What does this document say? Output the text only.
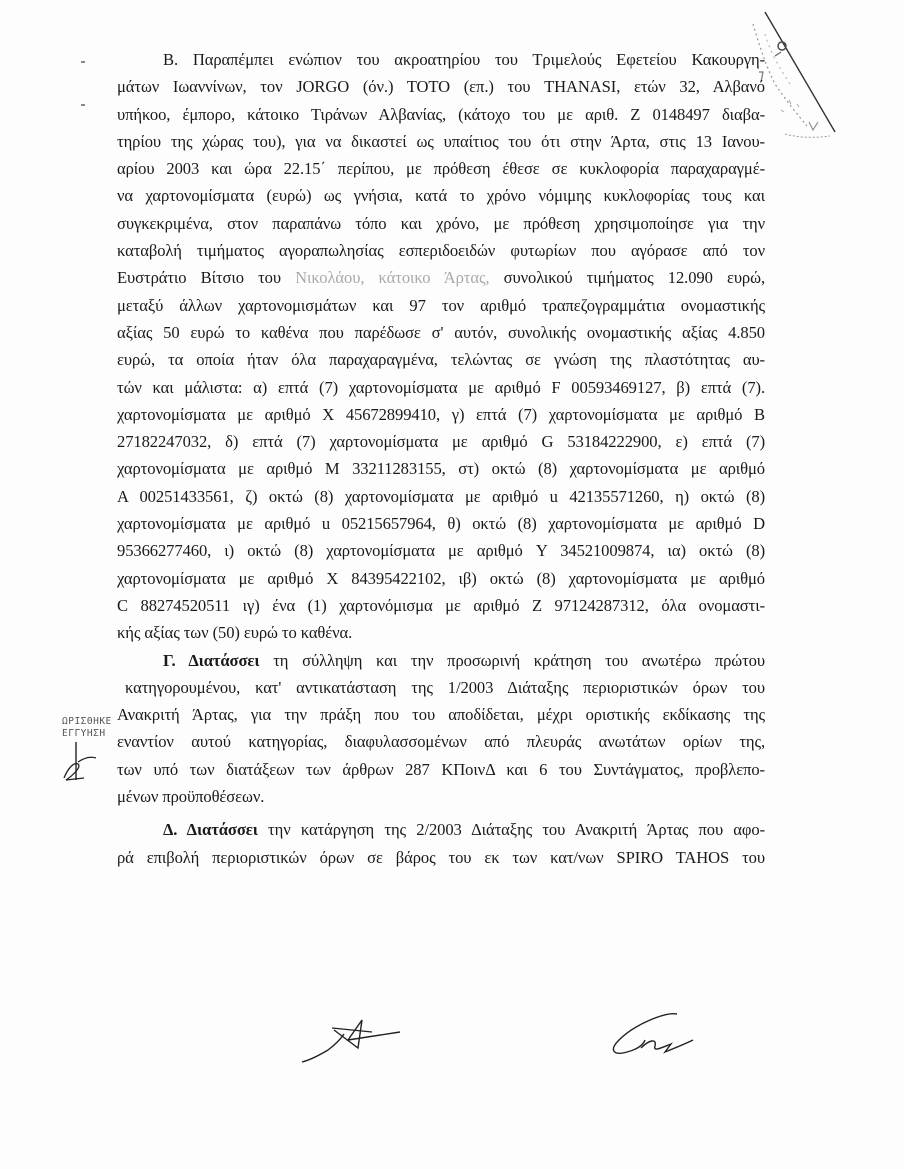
Β. Παραπέμπει ενώπιον του ακροατηρίου του Τριμελούς Εφετείου Κακουργη-
μάτων Ιωαννίνων, τον JORGO (όν.) TOTO (επ.) του THANASI, ετών 32, Αλβανό
υπήκοο, έμπορο, κάτοικο Τιράνων Αλβανίας, (κάτοχο του με αριθ. Ζ 0148497 διαβα-
τηρίου της χώρας του), για να δικαστεί ως υπαίτιος του ότι στην Άρτα, στις 13 Ιανου-
αρίου 2003 και ώρα 22.15΄ περίπου, με πρόθεση έθεσε σε κυκλοφορία παραχαραγμέ-
να χαρτονομίσματα (ευρώ) ως γνήσια, κατά το χρόνο νόμιμης κυκλοφορίας τους και
συγκεκριμένα, στον παραπάνω τόπο και χρόνο, με πρόθεση χρησιμοποίησε για την
καταβολή τιμήματος αγοραπωλησίας εσπεριδοειδών φυτωρίων που αγόρασε από τον
Ευστράτιο Βίτσιο του Νικολάου, κάτοικο Άρτας, συνολικού τιμήματος 12.090 ευρώ,
μεταξύ άλλων χαρτονομισμάτων και 97 τον αριθμό τραπεζογραμμάτια ονομαστικής
αξίας 50 ευρώ το καθένα που παρέδωσε σ' αυτόν, συνολικής ονομαστικής αξίας 4.850
ευρώ, τα οποία ήταν όλα παραχαραγμένα, τελώντας σε γνώση της πλαστότητας αυ-
τών και μάλιστα: α) επτά (7) χαρτονομίσματα με αριθμό F 00593469127, β) επτά (7).
χαρτονομίσματα με αριθμό X 45672899410, γ) επτά (7) χαρτονομίσματα με αριθμό B
27182247032, δ) επτά (7) χαρτονομίσματα με αριθμό G 53184222900, ε) επτά (7)
χαρτονομίσματα με αριθμό M 33211283155, στ) οκτώ (8) χαρτονομίσματα με αριθμό
A 00251433561, ζ) οκτώ (8) χαρτονομίσματα με αριθμό u 42135571260, η) οκτώ (8)
χαρτονομίσματα με αριθμό u 05215657964, θ) οκτώ (8) χαρτονομίσματα με αριθμό D
95366277460, ι) οκτώ (8) χαρτονομίσματα με αριθμό Y 34521009874, ια) οκτώ (8)
χαρτονομίσματα με αριθμό X 84395422102, ιβ) οκτώ (8) χαρτονομίσματα με αριθμό
C 88274520511 ιγ) ένα (1) χαρτονόμισμα με αριθμό Z 97124287312, όλα ονομαστι-
κής αξίας των (50) ευρώ το καθένα.
Γ. Διατάσσει τη σύλληψη και την προσωρινή κράτηση του ανωτέρω πρώτου
κατηγορουμένου, κατ' αντικατάσταση της 1/2003 Διάταξης περιοριστικών όρων του
Ανακριτή Άρτας, για την πράξη που του αποδίδεται, μέχρι οριστικής εκδίκασης της
εναντίον αυτού κατηγορίας, διαφυλασσομένων από πλευράς ανωτάτων ορίων της,
των υπό των διατάξεων των άρθρων 287 ΚΠοινΔ και 6 του Συντάγματος, προβλεπο-
μένων προϋποθέσεων.
Δ. Διατάσσει την κατάργηση της 2/2003 Διάταξης του Ανακριτή Άρτας που αφο-
ρά επιβολή περιοριστικών όρων σε βάρος του εκ των κατ/νων SPIRO TAHOS του
ΩΡΙΣΘΗΚΕ
ΕΓΓΥΗΣΗ
